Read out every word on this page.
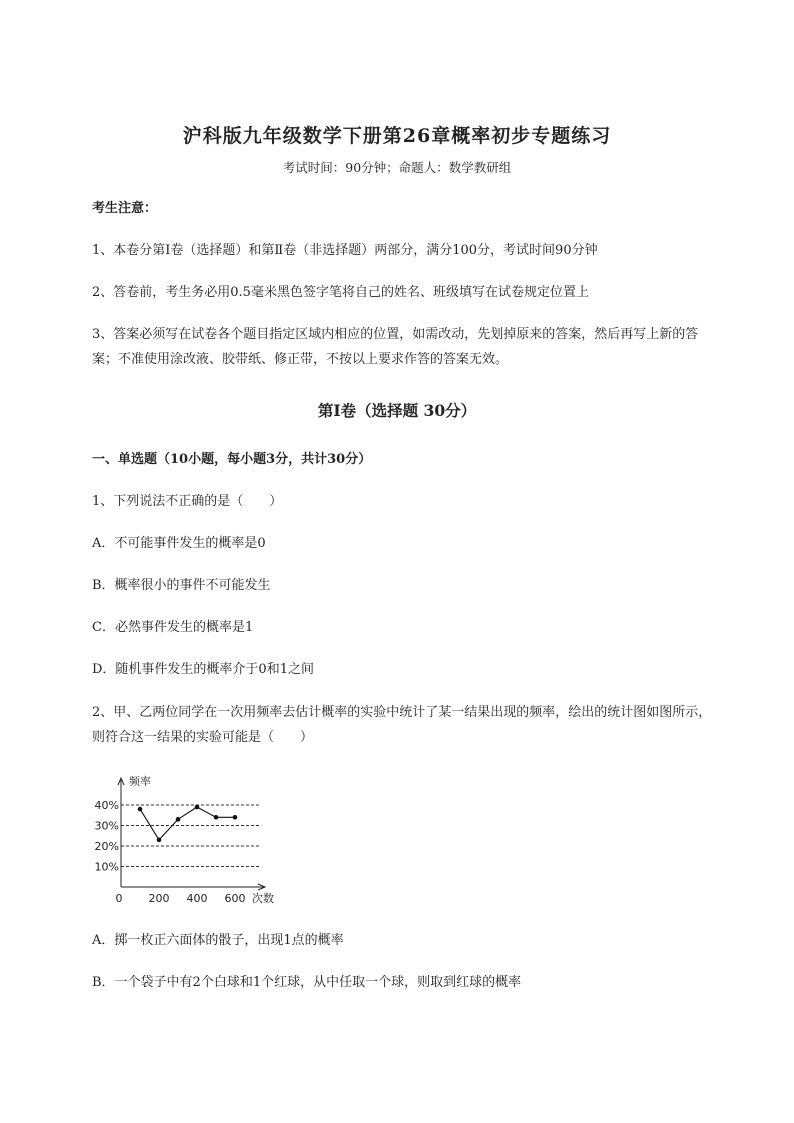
沪科版九年级数学下册第26章概率初步专题练习
考试时间：90分钟；命题人：数学教研组
考生注意：
1、本卷分第Ⅰ卷（选择题）和第Ⅱ卷（非选择题）两部分，满分100分，考试时间90分钟
2、答卷前，考生务必用0.5毫米黑色签字笔将自己的姓名、班级填写在试卷规定位置上
3、答案必须写在试卷各个题目指定区域内相应的位置，如需改动，先划掉原来的答案，然后再写上新的答案；不准使用涂改液、胶带纸、修正带，不按以上要求作答的答案无效。
第Ⅰ卷（选择题 30分）
一、单选题（10小题，每小题3分，共计30分）
1、下列说法不正确的是（　　）
A．不可能事件发生的概率是0
B．概率很小的事件不可能发生
C．必然事件发生的概率是1
D．随机事件发生的概率介于0和1之间
2、甲、乙两位同学在一次用频率去估计概率的实验中统计了某一结果出现的频率，绘出的统计图如图所示，则符合这一结果的实验可能是（　　）
10%
20%
30%
40%
0 200 400 600
频率
次数
A．掷一枚正六面体的骰子，出现1点的概率
B．一个袋子中有2个白球和1个红球，从中任取一个球，则取到红球的概率
